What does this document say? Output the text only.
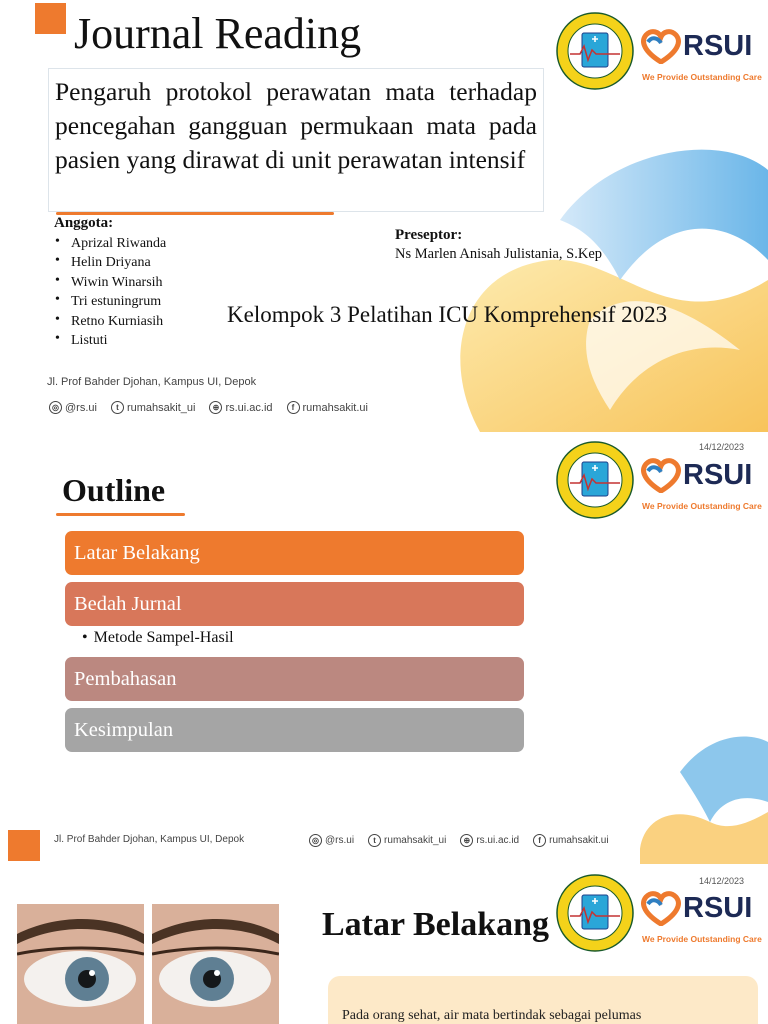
Journal Reading

Pengaruh protokol perawatan mata terhadap pencegahan gangguan permukaan mata pada pasien yang dirawat di unit perawatan intensif

Anggota:
• Aprizal Riwanda
• Helin Driyana
• Wiwin Winarsih
• Tri estuningrum
• Retno Kurniasih
• Listuti
Preseptor:
Ns Marlen Anisah Julistania, S.Kep
Kelompok 3 Pelatihan ICU Komprehensif 2023
Jl. Prof Bahder Djohan, Kampus UI, Depok
◎ @rs.ui	t rumahsakit_ui	⊕ rs.ui.ac.id	f rumahsakit.ui
RSUI
We Provide Outstanding Care
14/12/2023
Outline
Latar Belakang
Bedah Jurnal
• Metode Sampel-Hasil
Pembahasan
Kesimpulan
Jl. Prof Bahder Djohan, Kampus UI, Depok	◎ @rs.ui	t rumahsakit_ui	⊕ rs.ui.ac.id	f rumahsakit.ui
RSUI
We Provide Outstanding Care
14/12/2023
Latar Belakang

Pada orang sehat, air mata bertindak sebagai pelumas

RSUI
We Provide Outstanding Care
